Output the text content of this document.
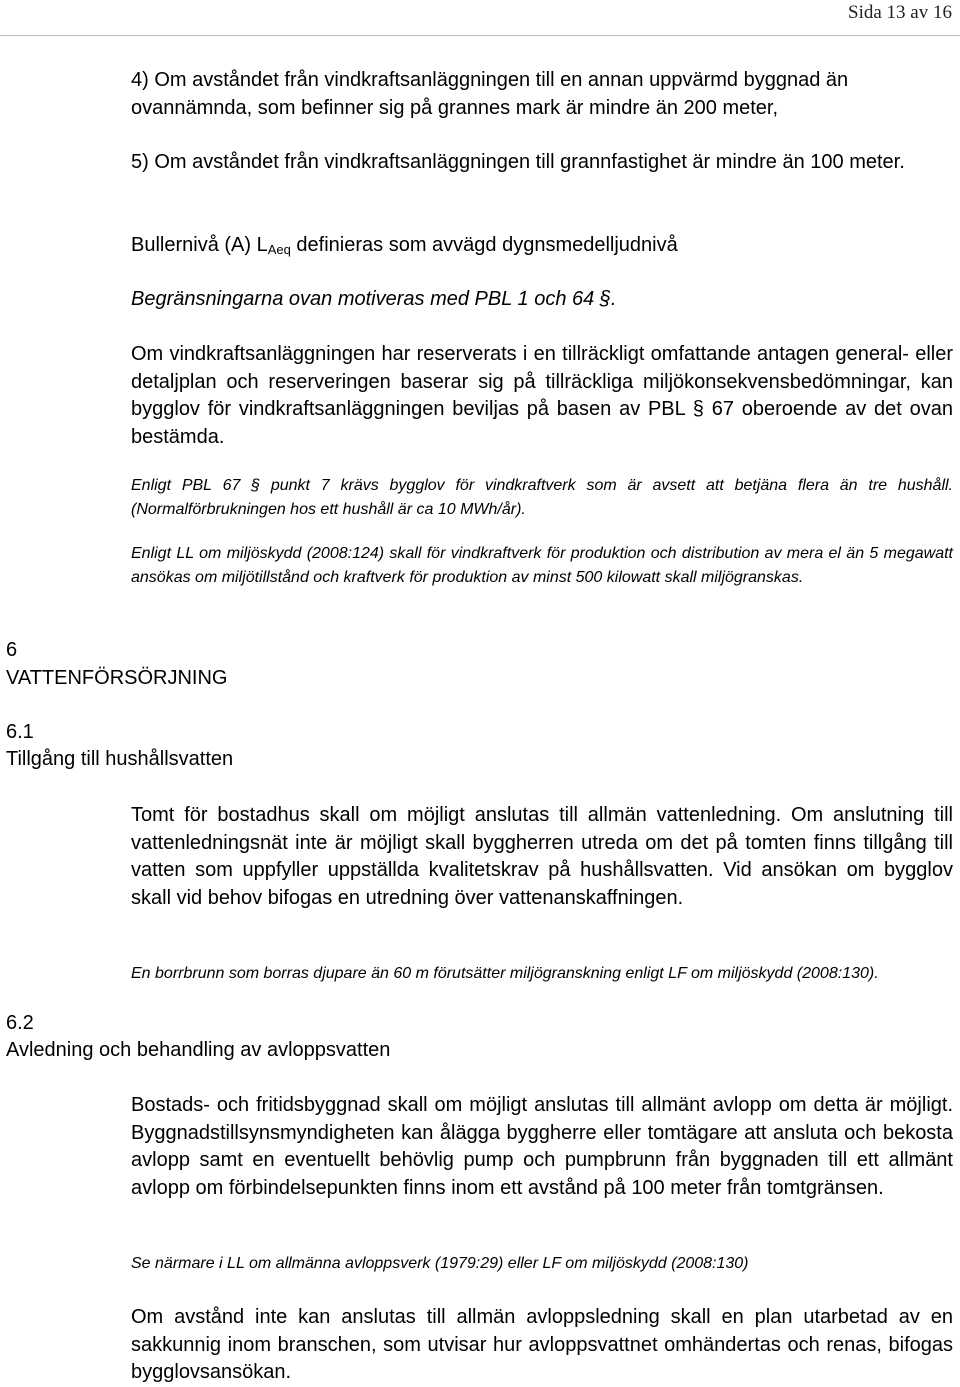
Sida 13 av 16

4) Om avståndet från vindkraftsanläggningen till en annan uppvärmd byggnad än ovannämnda, som befinner sig på grannes mark är mindre än 200 meter,

5) Om avståndet från vindkraftsanläggningen till grannfastighet är mindre än 100 meter.

Bullernivå (A) $L_{Aeq}$ definieras som avvägd dygnsmedelljudnivå

Begränsningarna ovan motiveras med PBL 1 och 64 §.

Om vindkraftsanläggningen har reserverats i en tillräckligt omfattande antagen general- eller detaljplan och reserveringen baserar sig på tillräckliga miljökonsekvensbedömningar, kan bygglov för vindkraftsanläggningen beviljas på basen av PBL § 67 oberoende av det ovan bestämda.

Enligt PBL 67 § punkt 7 krävs bygglov för vindkraftverk som är avsett att betjäna flera än tre hushåll. (Normalförbrukningen hos ett hushåll är ca 10 MWh/år).

Enligt LL om miljöskydd (2008:124) skall för vindkraftverk för produktion och distribution av mera el än 5 megawatt ansökas om miljötillstånd och kraftverk för produktion av minst 500 kilowatt skall miljögranskas.

6
VATTENFÖRSÖRJNING
6.1
Tillgång till hushållsvatten

Tomt för bostadhus skall om möjligt anslutas till allmän vattenledning. Om anslutning till vattenledningsnät inte är möjligt skall byggherren utreda om det på tomten finns tillgång till vatten som uppfyller uppställda kvalitetskrav på hushållsvatten. Vid ansökan om bygglov skall vid behov bifogas en utredning över vattenanskaffningen.

En borrbrunn som borras djupare än 60 m förutsätter miljögranskning enligt LF om miljöskydd (2008:130).

6.2
Avledning och behandling av avloppsvatten

Bostads- och fritidsbyggnad skall om möjligt anslutas till allmänt avlopp om detta är möjligt. Byggnadstillsynsmyndigheten kan ålägga byggherre eller tomtägare att ansluta och bekosta avlopp samt en eventuellt behövlig pump och pumpbrunn från byggnaden till ett allmänt avlopp om förbindelsepunkten finns inom ett avstånd på 100 meter från tomtgränsen.

Se närmare i LL om allmänna avloppsverk (1979:29) eller LF om miljöskydd (2008:130)

Om avstånd inte kan anslutas till allmän avloppsledning skall en plan utarbetad av en sakkunnig inom branschen, som utvisar hur avloppsvattnet omhändertas och renas, bifogas bygglovsansökan.
